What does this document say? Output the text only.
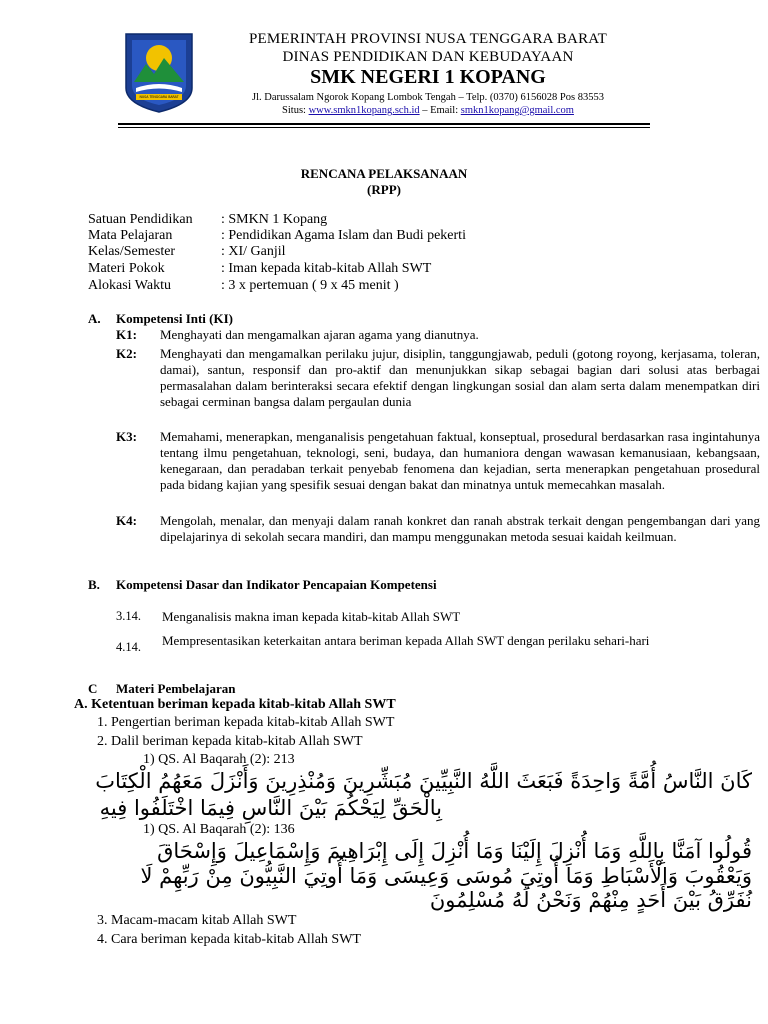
NUSA TENGGARA BARAT
PEMERINTAH PROVINSI NUSA TENGGARA BARAT
DINAS PENDIDIKAN DAN KEBUDAYAAN
SMK NEGERI 1 KOPANG
Jl. Darussalam Ngorok Kopang Lombok Tengah – Telp. (0370) 6156028 Pos 83553
Situs: www.smkn1kopang.sch.id – Email: smkn1kopang@gmail.com
RENCANA PELAKSANAAN
(RPP)
Satuan Pendidikan : SMKN 1 Kopang
Mata Pelajaran	: Pendidikan Agama Islam dan Budi pekerti
Kelas/Semester	: XI/ Ganjil
Materi Pokok	: Iman kepada kitab-kitab Allah SWT
Alokasi Waktu	: 3 x pertemuan ( 9 x 45 menit )
A. Kompetensi Inti (KI)
K1: Menghayati dan mengamalkan ajaran agama yang dianutnya.
K2: Menghayati dan mengamalkan perilaku jujur, disiplin, tanggungjawab, peduli (gotong royong, kerjasama, toleran, damai), santun, responsif dan pro-aktif dan menunjukkan sikap sebagai bagian dari solusi atas berbagai permasalahan dalam berinteraksi secara efektif dengan lingkungan sosial dan alam serta dalam menempatkan diri sebagai cerminan bangsa dalam pergaulan dunia
K3: Memahami, menerapkan, menganalisis pengetahuan faktual, konseptual, prosedural berdasarkan rasa ingintahunya tentang ilmu pengetahuan, teknologi, seni, budaya, dan humaniora dengan wawasan kemanusiaan, kebangsaan, kenegaraan, dan peradaban terkait penyebab fenomena dan kejadian, serta menerapkan pengetahuan prosedural pada bidang kajian yang spesifik sesuai dengan bakat dan minatnya untuk memecahkan masalah.
K4: Mengolah, menalar, dan menyaji dalam ranah konkret dan ranah abstrak terkait dengan pengembangan dari yang dipelajarinya di sekolah secara mandiri, dan mampu menggunakan metoda sesuai kaidah keilmuan.
B. Kompetensi Dasar dan Indikator Pencapaian Kompetensi
3.14. Menganalisis makna iman kepada kitab-kitab Allah SWT
4.14. Mempresentasikan keterkaitan antara beriman kepada Allah SWT dengan perilaku sehari-hari
C Materi Pembelajaran
A. Ketentuan beriman kepada kitab-kitab Allah SWT
1. Pengertian beriman kepada kitab-kitab Allah SWT
2. Dalil beriman kepada kitab-kitab Allah SWT
1) QS. Al Baqarah (2): 213
كَانَ النَّاسُ أُمَّةً وَاحِدَةً فَبَعَثَ اللَّهُ النَّبِيِّينَ مُبَشِّرِينَ وَمُنْذِرِينَ وَأَنْزَلَ مَعَهُمُ الْكِتَابَ
بِالْحَقِّ لِيَحْكُمَ بَيْنَ النَّاسِ فِيمَا اخْتَلَفُوا فِيهِ
1) QS. Al Baqarah (2): 136
قُولُوا آمَنَّا بِاللَّهِ وَمَا أُنْزِلَ إِلَيْنَا وَمَا أُنْزِلَ إِلَى إِبْرَاهِيمَ وَإِسْمَاعِيلَ وَإِسْحَاقَ
وَيَعْقُوبَ وَالْأَسْبَاطِ وَمَا أُوتِيَ مُوسَى وَعِيسَى وَمَا أُوتِيَ النَّبِيُّونَ مِنْ رَبِّهِمْ لَا
نُفَرِّقُ بَيْنَ أَحَدٍ مِنْهُمْ وَنَحْنُ لَهُ مُسْلِمُونَ
3. Macam-macam kitab Allah SWT
4. Cara beriman kepada kitab-kitab Allah SWT
